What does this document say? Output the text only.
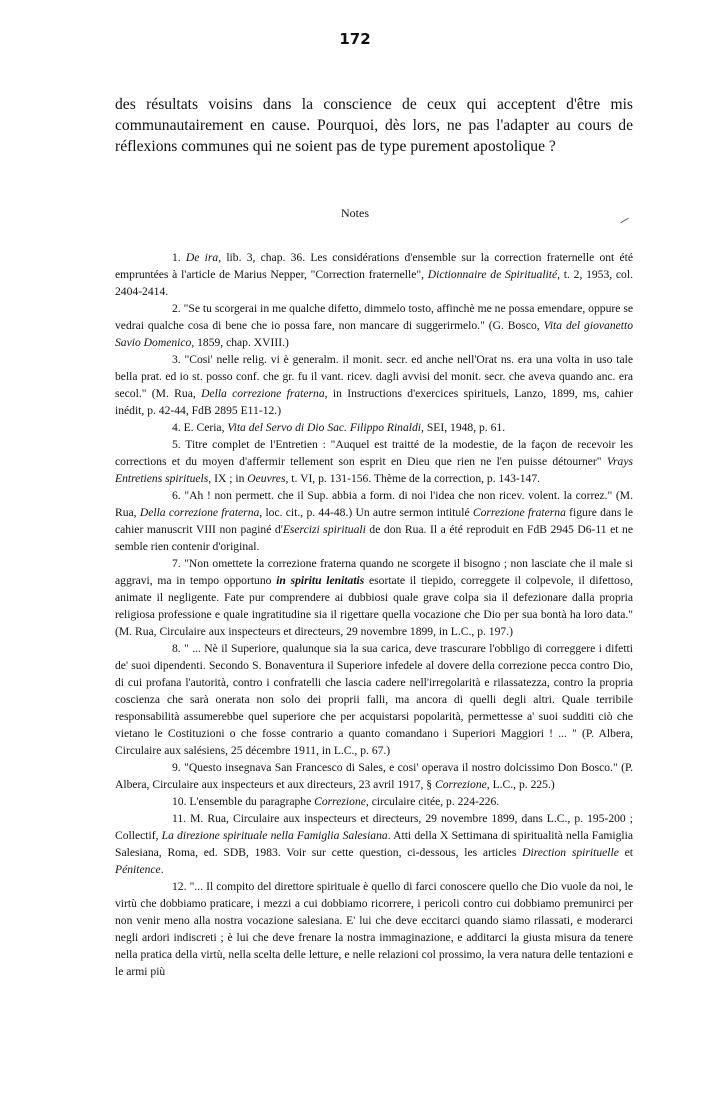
172

des résultats voisins dans la conscience de ceux qui acceptent d'être mis communautairement en cause. Pourquoi, dès lors, ne pas l'adapter au cours de réflexions communes qui ne soient pas de type purement apostolique ?

Notes

1. De ira, lib. 3, chap. 36. Les considérations d'ensemble sur la correction fraternelle ont été empruntées à l'article de Marius Nepper, "Correction fraternelle", Dictionnaire de Spiritualité, t. 2, 1953, col. 2404-2414.

2. "Se tu scorgerai in me qualche difetto, dimmelo tosto, affinchè me ne possa emendare, oppure se vedrai qualche cosa di bene che io possa fare, non mancare di suggerirmelo." (G. Bosco, Vita del giovanetto Savio Domenico, 1859, chap. XVIII.)

3. "Cosi' nelle relig. vi è generalm. il monit. secr. ed anche nell'Orat ns. era una volta in uso tale bella prat. ed io st. posso conf. che gr. fu il vant. ricev. dagli avvisi del monit. secr. che aveva quando anc. era secol." (M. Rua, Della correzione fraterna, in Instructions d'exercices spirituels, Lanzo, 1899, ms, cahier inédit, p. 42-44, FdB 2895 E11-12.)

4. E. Ceria, Vita del Servo di Dio Sac. Filippo Rinaldi, SEI, 1948, p. 61.

5. Titre complet de l'Entretien : "Auquel est traitté de la modestie, de la façon de recevoir les corrections et du moyen d'affermir tellement son esprit en Dieu que rien ne l'en puisse détourner" Vrays Entretiens spirituels, IX ; in Oeuvres, t. VI, p. 131-156. Thème de la correction, p. 143-147.

6. "Ah ! non permett. che il Sup. abbia a form. di noi l'idea che non ricev. volent. la correz." (M. Rua, Della correzione fraterna, loc. cit., p. 44-48.) Un autre sermon intitulé Correzione fraterna figure dans le cahier manuscrit VIII non paginé d'Esercizi spirituali de don Rua. Il a été reproduit en FdB 2945 D6-11 et ne semble rien contenir d'original.

7. "Non omettete la correzione fraterna quando ne scorgete il bisogno ; non lasciate che il male si aggravi, ma in tempo opportuno in spiritu lenitatis esortate il tiepido, correggete il colpevole, il difettoso, animate il negligente. Fate pur comprendere ai dubbiosi quale grave colpa sia il defezionare dalla propria religiosa professione e quale ingratitudine sia il rigettare quella vocazione che Dio per sua bontà ha loro data." (M. Rua, Circulaire aux inspecteurs et directeurs, 29 novembre 1899, in L.C., p. 197.)

8. " ... Nè il Superiore, qualunque sia la sua carica, deve trascurare l'obbligo di correggere i difetti de' suoi dipendenti. Secondo S. Bonaventura il Superiore infedele al dovere della correzione pecca contro Dio, di cui profana l'autorità, contro i confratelli che lascia cadere nell'irregolarità e rilassatezza, contro la propria coscienza che sarà onerata non solo dei proprii falli, ma ancora di quelli degli altri. Quale terribile responsabilità assumerebbe quel superiore che per acquistarsi popolarità, permettesse a' suoi sudditi ciò che vietano le Costituzioni o che fosse contrario a quanto comandano i Superiori Maggiori ! ... " (P. Albera, Circulaire aux salésiens, 25 décembre 1911, in L.C., p. 67.)

9. "Questo insegnava San Francesco di Sales, e cosi' operava il nostro dolcissimo Don Bosco." (P. Albera, Circulaire aux inspecteurs et aux directeurs, 23 avril 1917, § Correzione, L.C., p. 225.)

10. L'ensemble du paragraphe Correzione, circulaire citée, p. 224-226.

11. M. Rua, Circulaire aux inspecteurs et directeurs, 29 novembre 1899, dans L.C., p. 195-200 ; Collectif, La direzione spirituale nella Famiglia Salesiana. Atti della X Settimana di spiritualità nella Famiglia Salesiana, Roma, ed. SDB, 1983. Voir sur cette question, ci-dessous, les articles Direction spirituelle et Pénitence.

12. "... Il compito del direttore spirituale è quello di farci conoscere quello che Dio vuole da noi, le virtù che dobbiamo praticare, i mezzi a cui dobbiamo ricorrere, i pericoli contro cui dobbiamo premunirci per non venir meno alla nostra vocazione salesiana. E' lui che deve eccitarci quando siamo rilassati, e moderarci negli ardori indiscreti ; è lui che deve frenare la nostra immaginazione, e additarci la giusta misura da tenere nella pratica della virtù, nella scelta delle letture, e nelle relazioni col prossimo, la vera natura delle tentazioni e le armi più
